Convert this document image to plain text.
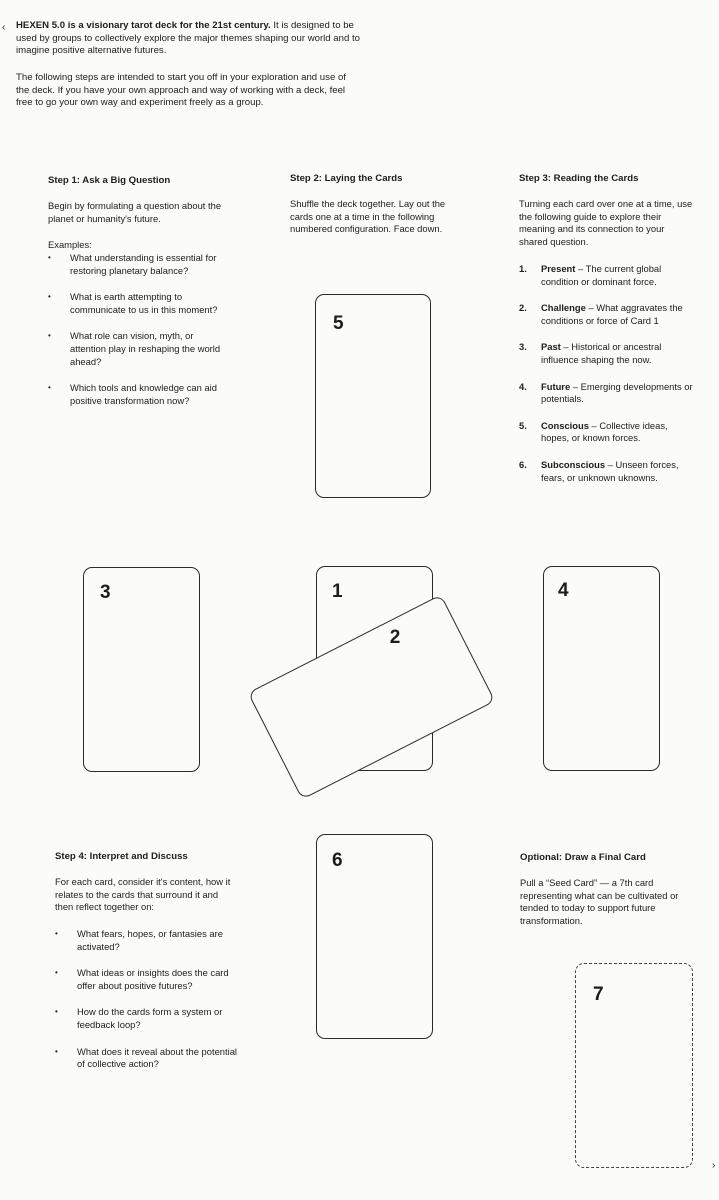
‹ HEXEN 5.0 is a visionary tarot deck for the 21st century. It is designed to be used by groups to collectively explore the major themes shaping our world and to imagine positive alternative futures.
The following steps are intended to start you off in your exploration and use of the deck. If you have your own approach and way of working with a deck, feel free to go your own way and experiment freely as a group.
Step 1: Ask a Big Question
Begin by formulating a question about the planet or humanity's future.
Examples:
• What understanding is essential for restoring planetary balance?
• What is earth attempting to communicate to us in this moment?
• What role can vision, myth, or attention play in reshaping the world ahead?
• Which tools and knowledge can aid positive transformation now?
Step 2: Laying the Cards
Shuffle the deck together. Lay out the cards one at a time in the following numbered configuration. Face down.
Step 3: Reading the Cards
Turning each card over one at a time, use the following guide to explore their meaning and its connection to your shared question.
1. Present – The current global condition or dominant force.
2. Challenge – What aggravates the conditions or force of Card 1
3. Past – Historical or ancestral influence shaping the now.
4. Future – Emerging developments or potentials.
5. Conscious – Collective ideas, hopes, or known forces.
6. Subconscious – Unseen forces, fears, or unknown uknowns.
5
3	1
2
4
6
7
Step 4: Interpret and Discuss
For each card, consider it's content, how it relates to the cards that surround it and then reflect together on:
• What fears, hopes, or fantasies are activated?
• What ideas or insights does the card offer about positive futures?
• How do the cards form a system or feedback loop?
• What does it reveal about the potential of collective action?
Optional: Draw a Final Card
Pull a “Seed Card” — a 7th card representing what can be cultivated or tended to today to support future transformation.
›
